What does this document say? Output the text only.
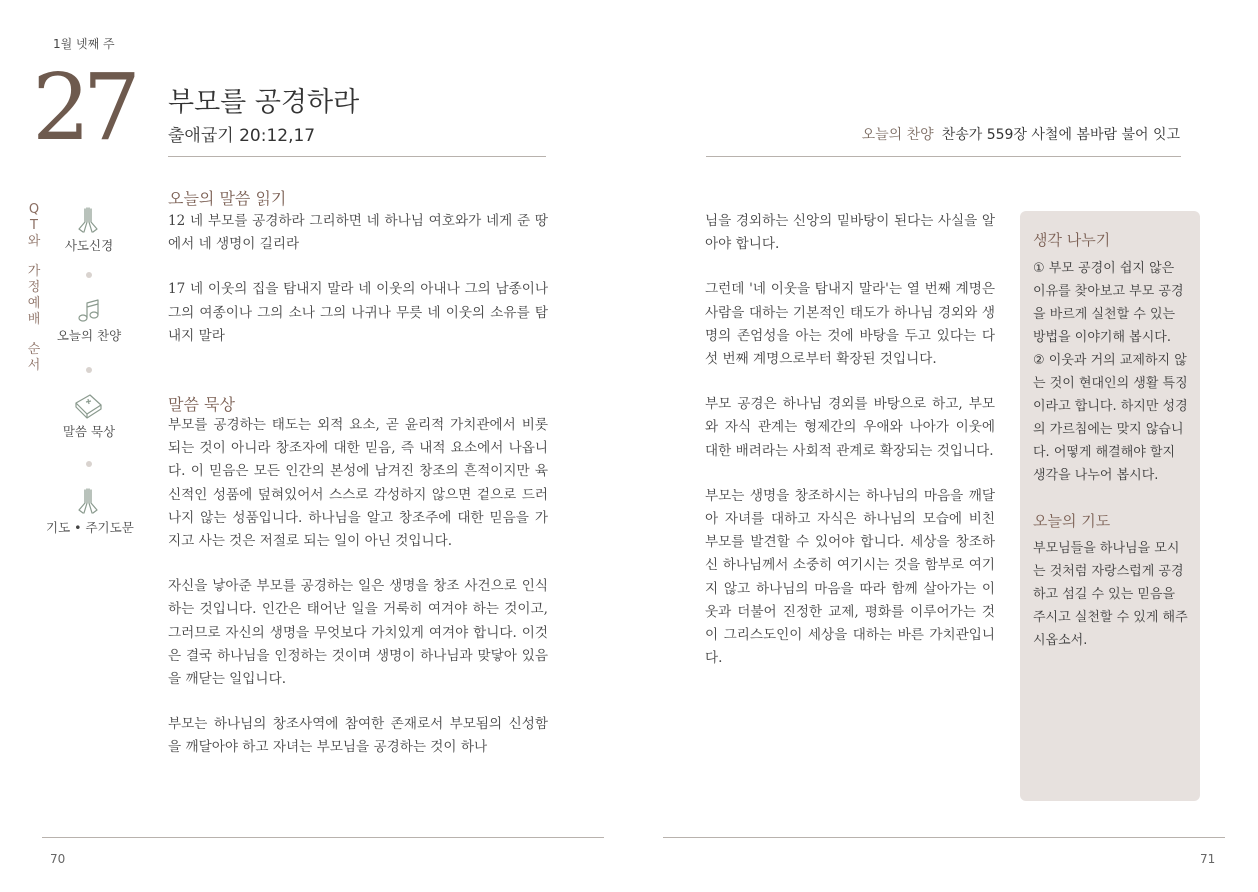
1월 넷째 주
27 부모를 공경하라
출애굽기 20:12,17	오늘의 찬양 찬송가 559장 사철에 봄바람 불어 잇고
Q
T
와
가
정
예
배
순
서
사도신경
오늘의 찬양
말씀 묵상
기도 • 주기도문
오늘의 말씀 읽기

12 네 부모를 공경하라 그리하면 네 하나님 여호와가 네게 준 땅에서 네 생명이 길리라

17 네 이웃의 집을 탐내지 말라 네 이웃의 아내나 그의 남종이나 그의 여종이나 그의 소나 그의 나귀나 무릇 네 이웃의 소유를 탐내지 말라

말씀 묵상

부모를 공경하는 태도는 외적 요소, 곧 윤리적 가치관에서 비롯되는 것이 아니라 창조자에 대한 믿음, 즉 내적 요소에서 나옵니다. 이 믿음은 모든 인간의 본성에 남겨진 창조의 흔적이지만 육신적인 성품에 덮혀있어서 스스로 각성하지 않으면 겉으로 드러나지 않는 성품입니다. 하나님을 알고 창조주에 대한 믿음을 가지고 사는 것은 저절로 되는 일이 아닌 것입니다.

자신을 낳아준 부모를 공경하는 일은 생명을 창조 사건으로 인식하는 것입니다. 인간은 태어난 일을 거룩히 여겨야 하는 것이고, 그러므로 자신의 생명을 무엇보다 가치있게 여겨야 합니다. 이것은 결국 하나님을 인정하는 것이며 생명이 하나님과 맞닿아 있음을 깨닫는 일입니다.

부모는 하나님의 창조사역에 참여한 존재로서 부모됨의 신성함을 깨달아야 하고 자녀는 부모님을 공경하는 것이 하나

님을 경외하는 신앙의 밑바탕이 된다는 사실을 알아야 합니다.

그런데 '네 이웃을 탐내지 말라'는 열 번째 계명은 사람을 대하는 기본적인 태도가 하나님 경외와 생명의 존엄성을 아는 것에 바탕을 두고 있다는 다섯 번째 계명으로부터 확장된 것입니다.

부모 공경은 하나님 경외를 바탕으로 하고, 부모와 자식 관계는 형제간의 우애와 나아가 이웃에 대한 배려라는 사회적 관계로 확장되는 것입니다.

부모는 생명을 창조하시는 하나님의 마음을 깨달아 자녀를 대하고 자식은 하나님의 모습에 비친 부모를 발견할 수 있어야 합니다. 세상을 창조하신 하나님께서 소중히 여기시는 것을 함부로 여기지 않고 하나님의 마음을 따라 함께 살아가는 이웃과 더불어 진정한 교제, 평화를 이루어가는 것이 그리스도인이 세상을 대하는 바른 가치관입니다.

생각 나누기
① 부모 공경이 쉽지 않은 이유를 찾아보고 부모 공경을 바르게 실천할 수 있는 방법을 이야기해 봅시다.
② 이웃과 거의 교제하지 않는 것이 현대인의 생활 특징이라고 합니다. 하지만 성경의 가르침에는 맞지 않습니다. 어떻게 해결해야 할지 생각을 나누어 봅시다.
오늘의 기도
부모님들을 하나님을 모시는 것처럼 자랑스럽게 공경하고 섬길 수 있는 믿음을 주시고 실천할 수 있게 해주시옵소서.
70	71
